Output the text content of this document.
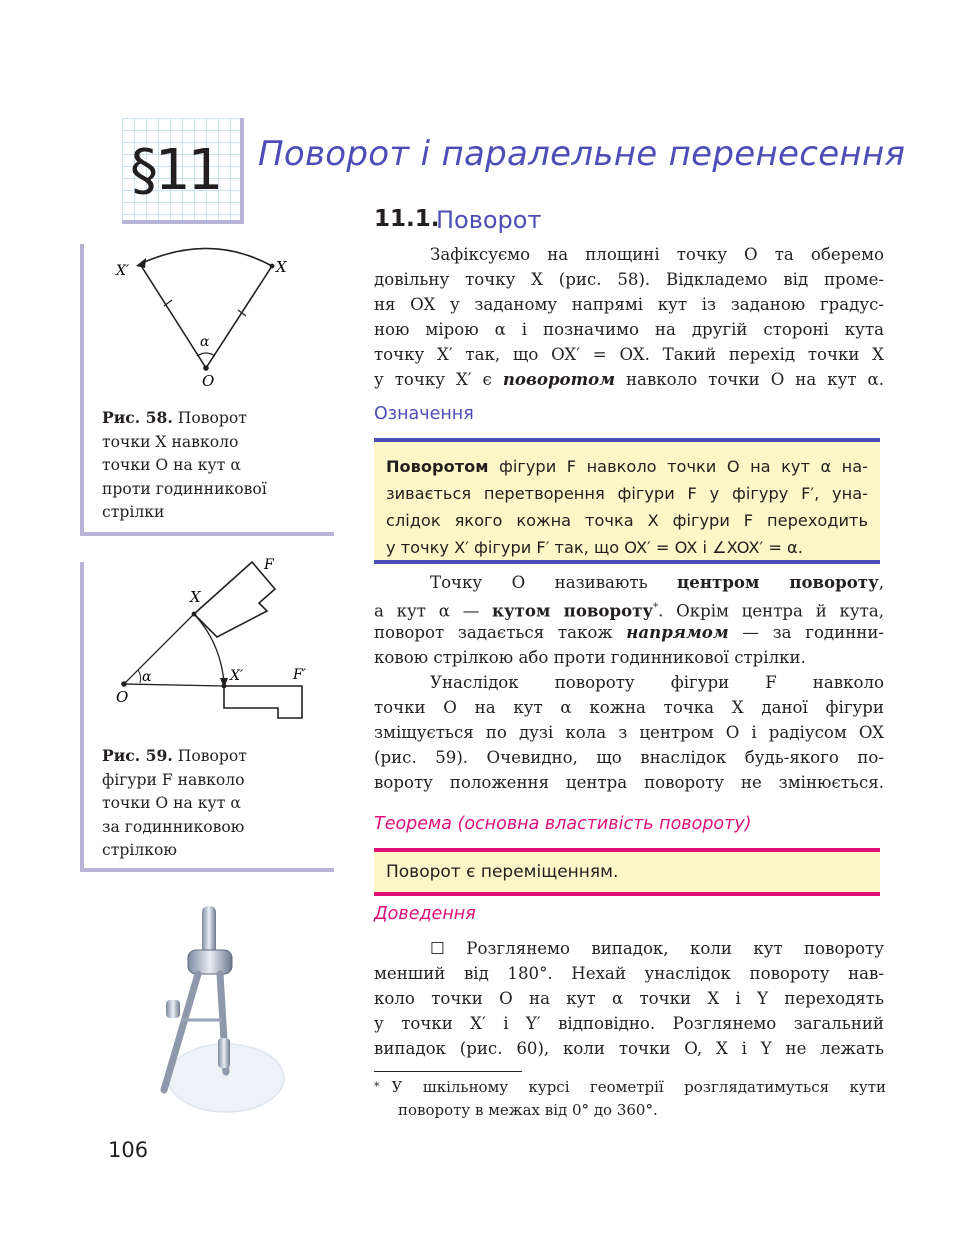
§11 Поворот і паралельне перенесення
11.1.
Поворот
Зафіксуємо на площині точку O та оберемо
довільну точку X (рис. 58). Відкладемо від проме-
ня OX у заданому напрямі кут із заданою градус-
ною мірою α і позначимо на другій стороні кута
точку X′ так, що OX′ = OX. Такий перехід точки X
у точку X′ є поворотом навколо точки O на кут α.
Означення
Поворотом фігури F навколо точки O на кут α на-
зивається перетворення фігури F у фігуру F′, уна-
слідок якого кожна точка X фігури F переходить
у точку X′ фігури F′ так, що OX′ = OX і ∠XOX′ = α.
Точку O називають центром повороту,
а кут α — кутом повороту*. Окрім центра й кута,
поворот задається також напрямом — за годинни-
ковою стрілкою або проти годинникової стрілки.
Унаслідок повороту фігури F навколо
точки O на кут α кожна точка X даної фігури
зміщується по дузі кола з центром O і радіусом OX
(рис. 59). Очевидно, що внаслідок будь-якого по-
вороту положення центра повороту не змінюється.
Теорема (основна властивість повороту)
Поворот є переміщенням.
Доведення
☐ Розглянемо випадок, коли кут повороту
менший від 180°. Нехай унаслідок повороту нав-
коло точки O на кут α точки X і Y переходять
у точки X′ і Y′ відповідно. Розглянемо загальний
випадок (рис. 60), коли точки O, X і Y не лежать
* У шкільному курсі геометрії розглядатимуться кути
повороту в межах від 0° до 360°.
X′	X
O
α
Рис. 58. Поворот
точки X навколо
точки O на кут α
проти годинникової
стрілки
F
X
X′	F′
O
α
Рис. 59. Поворот
фігури F навколо
точки O на кут α
за годинниковою
стрілкою
106
